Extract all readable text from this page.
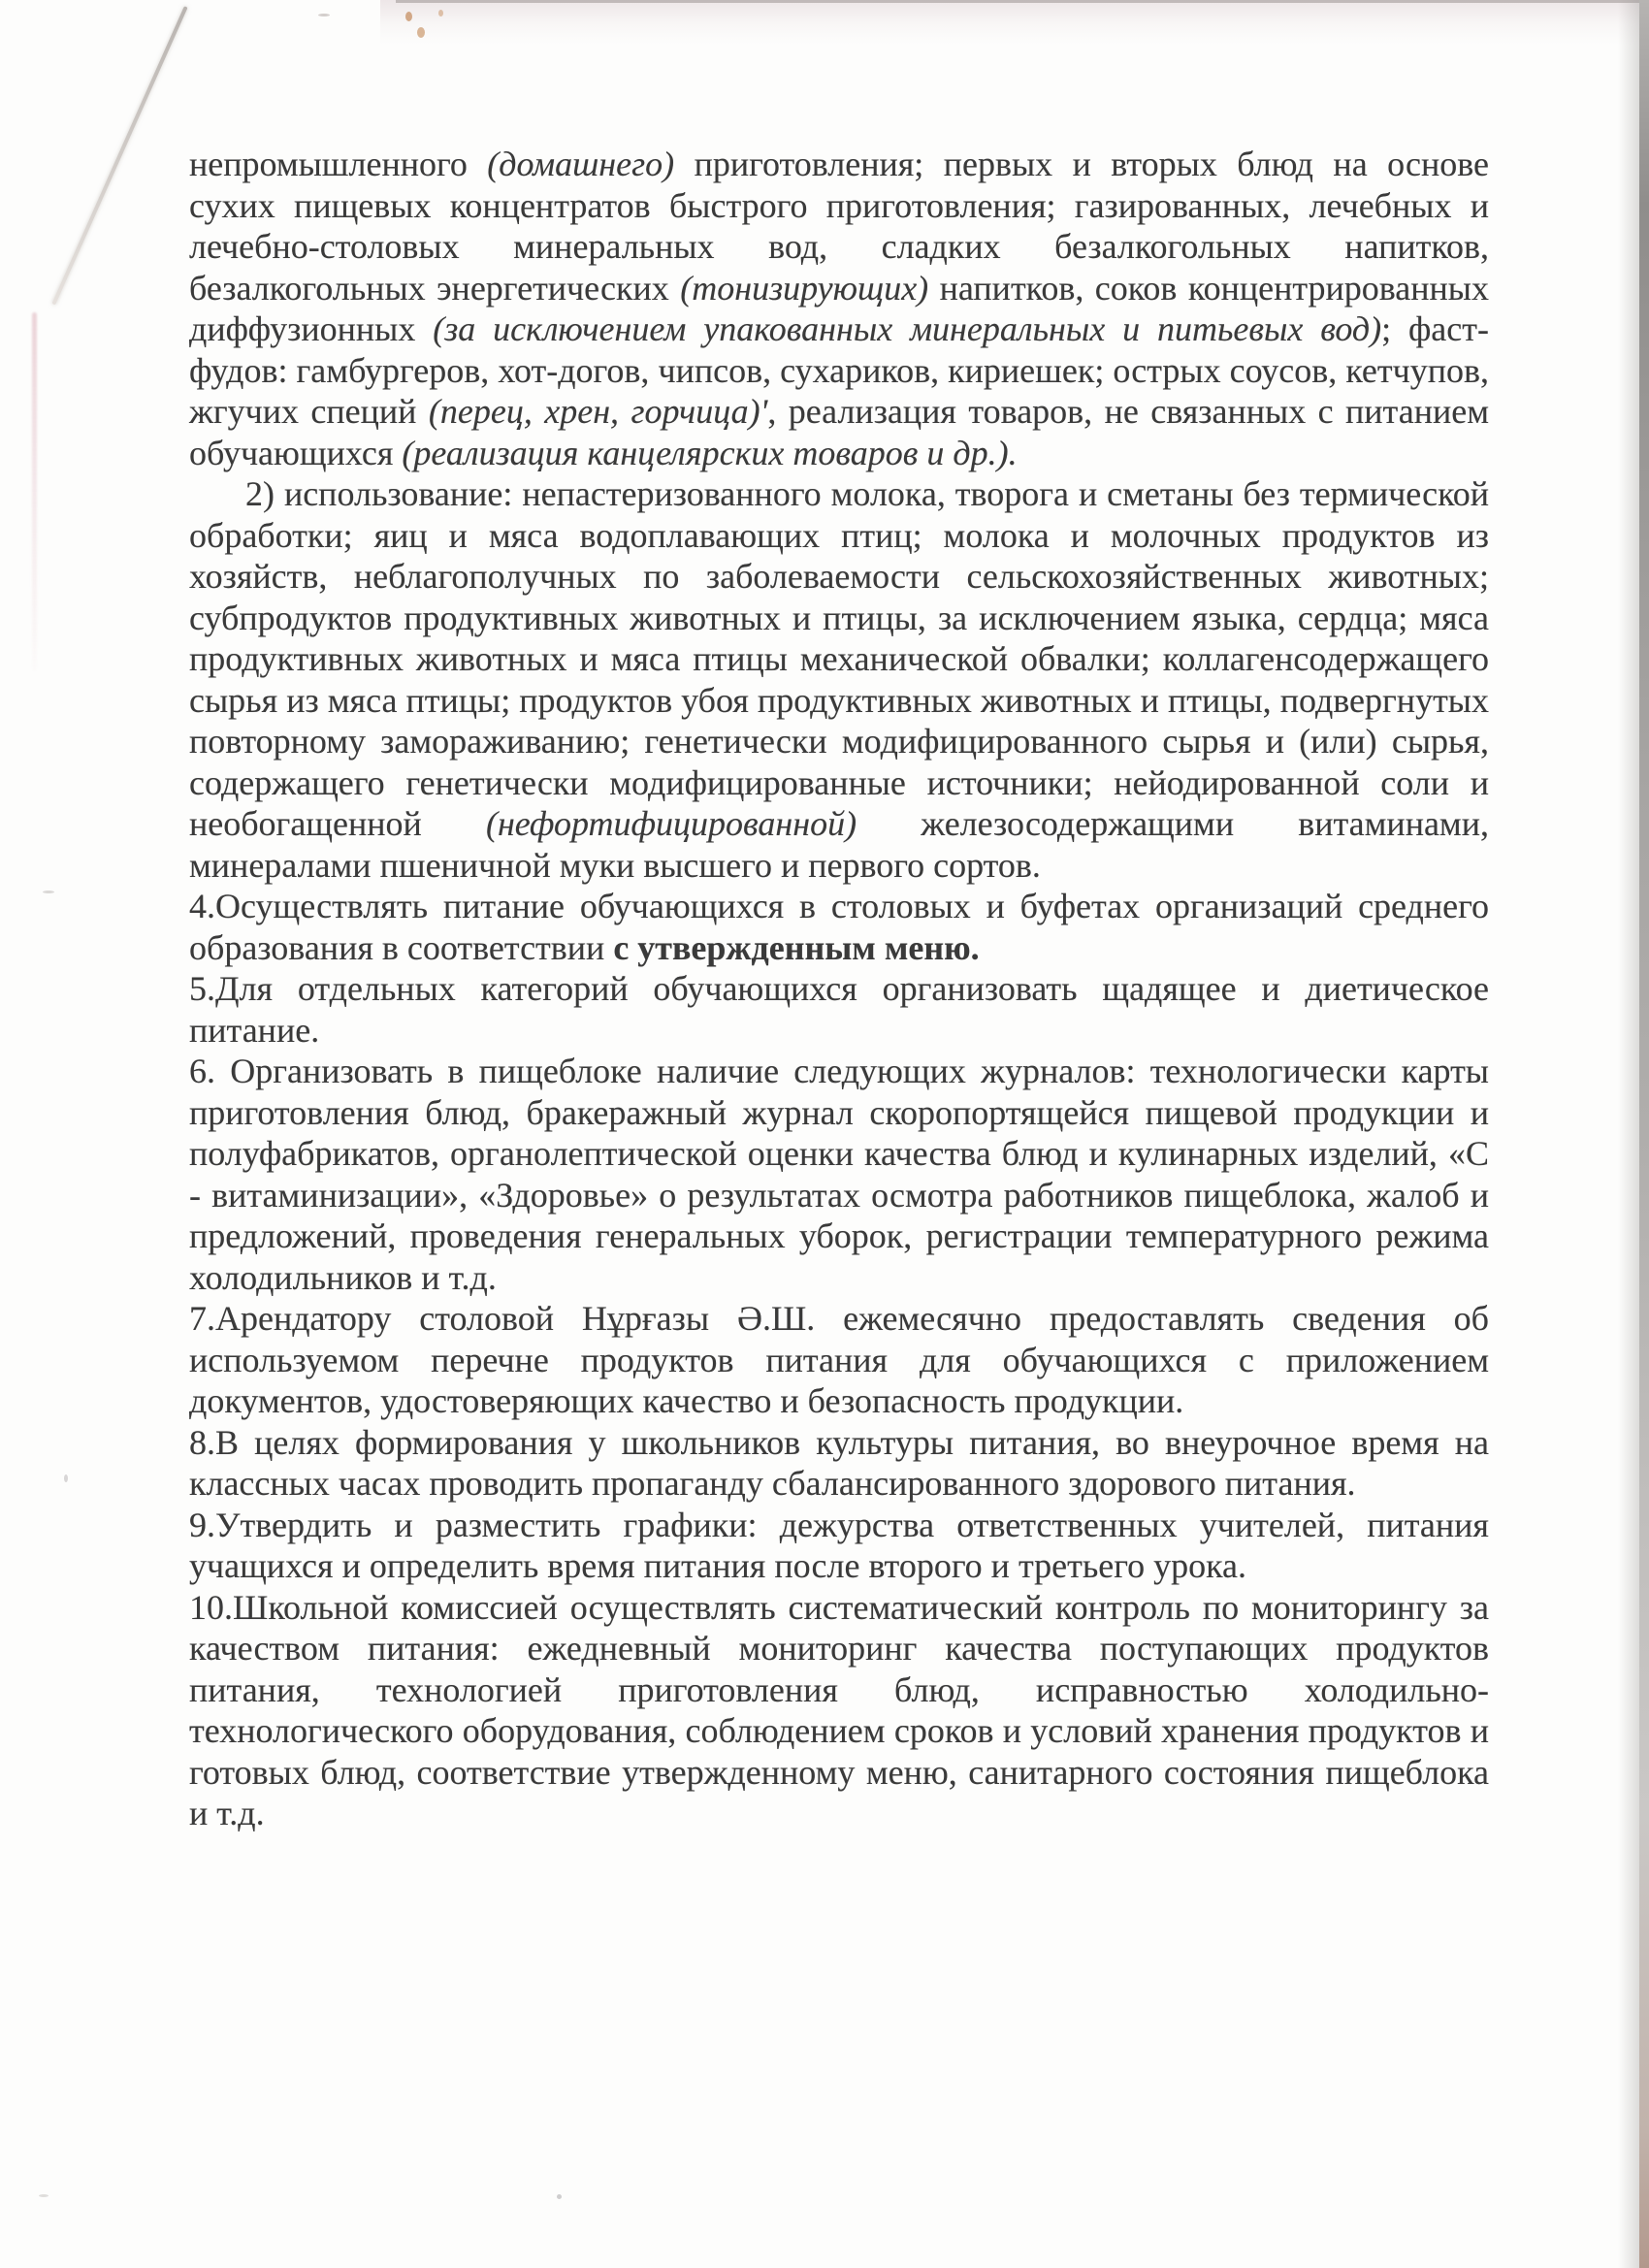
непромышленного (домашнего) приготовления; первых и вторых блюд на основе сухих пищевых концентратов быстрого приготовления; газированных, лечебных и лечебно-столовых минеральных вод, сладких безалкогольных напитков, безалкогольных энергетических (тонизирующих) напитков, соков концентрированных диффузионных (за исключением упакованных минеральных и питьевых вод); фаст-фудов: гамбургеров, хот-догов, чипсов, сухариков, кириешек; острых соусов, кетчупов, жгучих специй (перец, хрен, горчица)', реализация товаров, не связанных с питанием обучающихся (реализация канцелярских товаров и др.).

2) использование: непастеризованного молока, творога и сметаны без термической обработки; яиц и мяса водоплавающих птиц; молока и молочных продуктов из хозяйств, неблагополучных по заболеваемости сельскохозяйственных животных; субпродуктов продуктивных животных и птицы, за исключением языка, сердца; мяса продуктивных животных и мяса птицы механической обвалки; коллагенсодержащего сырья из мяса птицы; продуктов убоя продуктивных животных и птицы, подвергнутых повторному замораживанию; генетически модифицированного сырья и (или) сырья, содержащего генетически модифицированные источники; нейодированной соли и необогащенной (нефортифицированной) железосодержащими витаминами, минералами пшеничной муки высшего и первого сортов.

4.Осуществлять питание обучающихся в столовых и буфетах организаций среднего образования в соответствии с утвержденным меню.

5.Для отдельных категорий обучающихся организовать щадящее и диетическое питание.

6. Организовать в пищеблоке наличие следующих журналов: технологически карты приготовления блюд, бракеражный журнал скоропортящейся пищевой продукции и полуфабрикатов, органолептической оценки качества блюд и кулинарных изделий, «С - витаминизации», «Здоровье» о результатах осмотра работников пищеблока, жалоб и предложений, проведения генеральных уборок, регистрации температурного режима холодильников и т.д.

7.Арендатору столовой Нұрғазы Ә.Ш. ежемесячно предоставлять сведения об используемом перечне продуктов питания для обучающихся с приложением документов, удостоверяющих качество и безопасность продукции.

8.В целях формирования у школьников культуры питания, во внеурочное время на классных часах проводить пропаганду сбалансированного здорового питания.

9.Утвердить и разместить графики: дежурства ответственных учителей, питания учащихся и определить время питания после второго и третьего урока.

10.Школьной комиссией осуществлять систематический контроль по мониторингу за качеством питания: ежедневный мониторинг качества поступающих продуктов питания, технологией приготовления блюд, исправностью холодильно-технологического оборудования, соблюдением сроков и условий хранения продуктов и готовых блюд, соответствие утвержденному меню, санитарного состояния пищеблока и т.д.
